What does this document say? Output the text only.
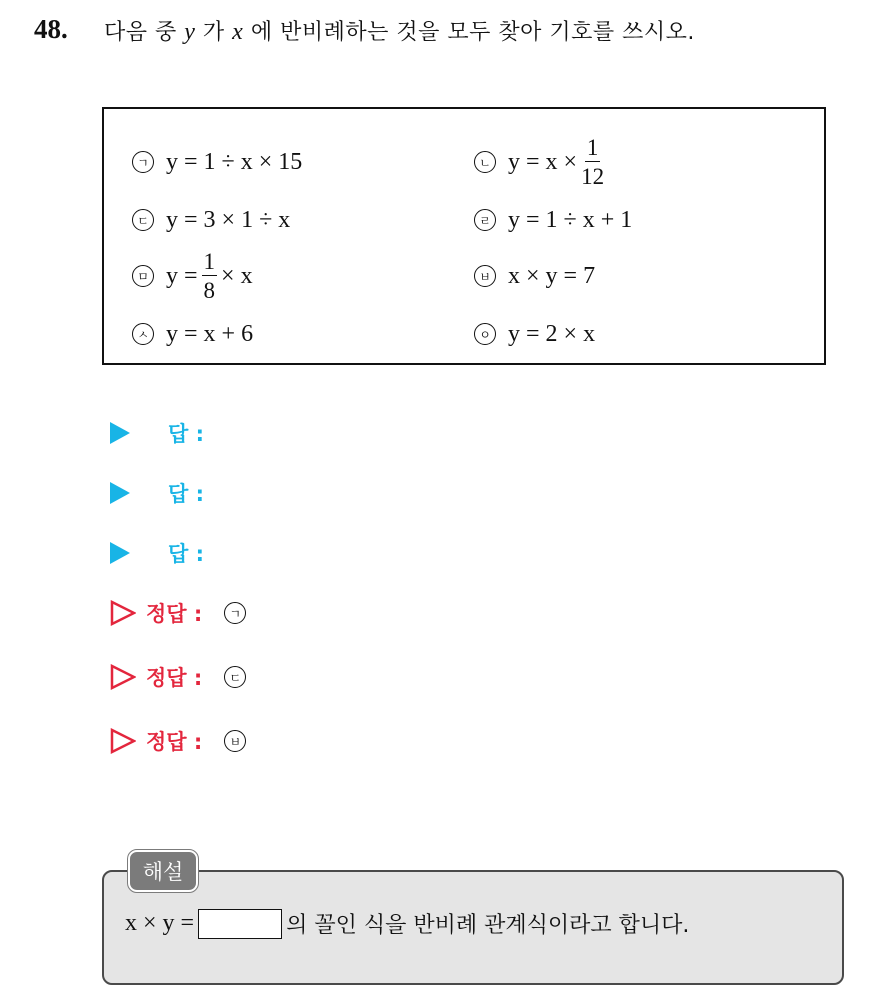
48. 다음 중 y 가 x 에 반비례하는 것을 모두 찾아 기호를 쓰시오.
ㄱ y = 1 ÷ x × 15	ㄴ $y = x \times \frac{1}{12}$
ㄷ y = 3 × 1 ÷ x	ㄹ y = 1 ÷ x + 1
ㅁ $y = \frac{1}{8} \times x$	ㅂ x × y = 7
ㅅ y = x + 6	ㅇ y = 2 × x
답 :
답 :
답 :
정답 :	ㄱ
정답 :	ㄷ
정답 :	ㅂ
해설
x × y =	의 꼴인 식을 반비례 관계식이라고 합니다.
